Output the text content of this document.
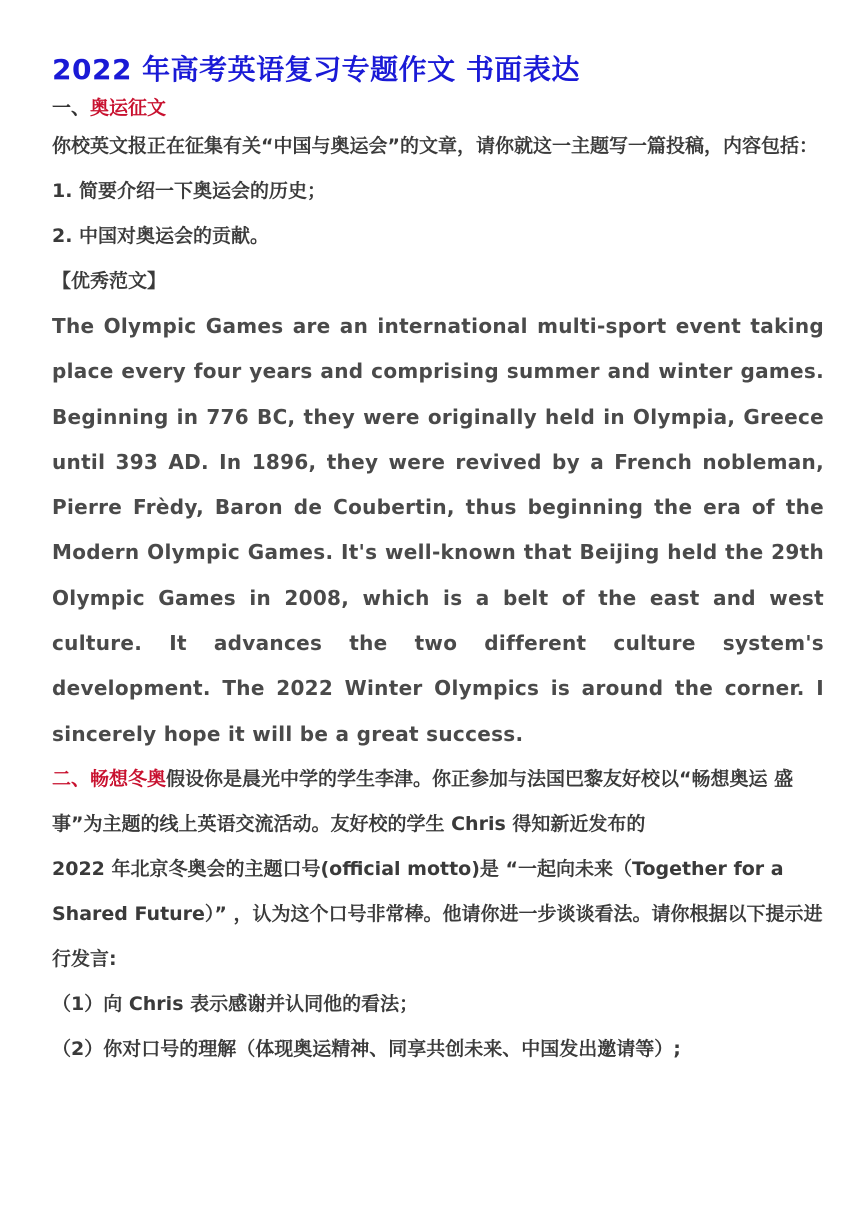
2022 年高考英语复习专题作文 书面表达
一、奥运征文

你校英文报正在征集有关“中国与奥运会”的文章，请你就这一主题写一篇投稿，内容包括：

1. 简要介绍一下奥运会的历史；

2. 中国对奥运会的贡献。

【优秀范文】

The Olympic Games are an international multi-sport event taking place every four years and comprising summer and winter games. Beginning in 776 BC, they were originally held in Olympia, Greece until 393 AD. In 1896, they were revived by a French nobleman, Pierre Frèdy, Baron de Coubertin, thus beginning the era of the Modern Olympic Games. It's well-known that Beijing held the 29th Olympic Games in 2008, which is a belt of the east and west culture. It advances the two different culture system's development. The 2022 Winter Olympics is around the corner. I sincerely hope it will be a great success.

二、畅想冬奥假设你是晨光中学的学生李津。你正参加与法国巴黎友好校以“畅想奥运 盛事”为主题的线上英语交流活动。友好校的学生 Chris 得知新近发布的

2022 年北京冬奥会的主题口号(official motto)是 “一起向未来（Together for a Shared Future）” ，认为这个口号非常棒。他请你进一步谈谈看法。请你根据以下提示进行发言:

（1）向 Chris 表示感谢并认同他的看法；

（2）你对口号的理解（体现奥运精神、同享共创未来、中国发出邀请等）;
